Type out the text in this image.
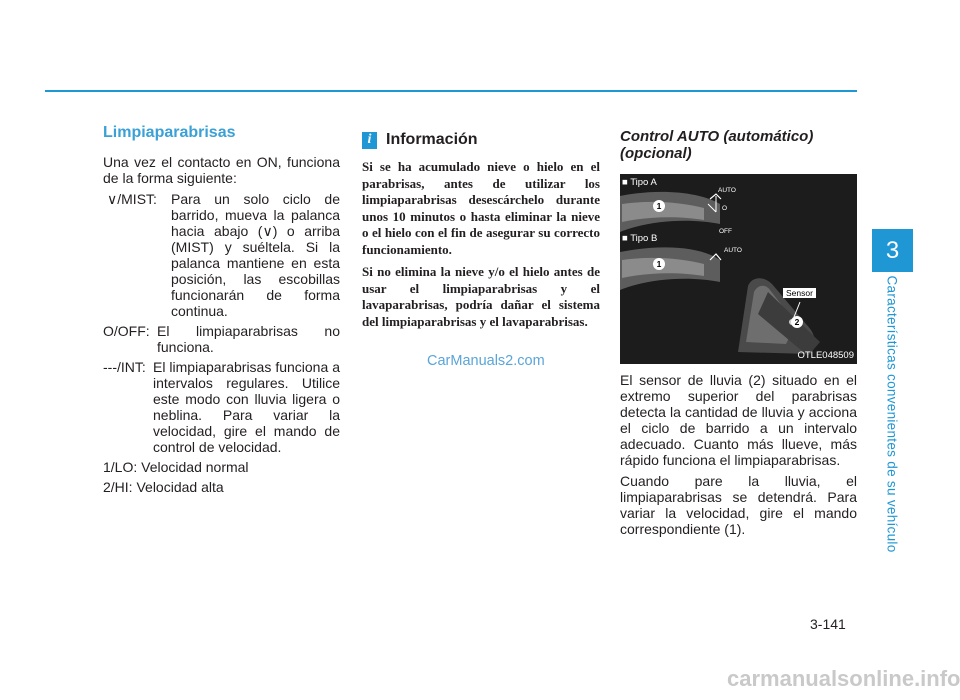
3
Características convenientes de su vehículo
Limpiaparabrisas

Una vez el contacto en ON, funciona de la forma siguiente:

∨/MIST: Para un solo ciclo de barrido, mueva la palanca hacia abajo (∨) o arriba (MIST) y suéltela. Si la palanca mantiene en esta posición, las escobillas funcionarán de forma continua.
O/OFF: El limpiaparabrisas no funciona.
---/INT: El limpiaparabrisas funciona a intervalos regulares. Utilice este modo con lluvia ligera o neblina. Para variar la velocidad, gire el mando de control de velocidad.
1/LO: Velocidad normal
2/HI: Velocidad alta
i Información

Si se ha acumulado nieve o hielo en el parabrisas, antes de utilizar los limpiaparabrisas desescárchelo durante unos 10 minutos o hasta eliminar la nieve o el hielo con el fin de asegurar su correcto funcionamiento.

Si no elimina la nieve y/o el hielo antes de usar el limpiaparabrisas y el lavaparabrisas, podría dañar el sistema del limpiaparabrisas y el lavaparabrisas.

Control AUTO (automático) (opcional)
■ Tipo A
■ Tipo B
AUTO
O
OFF
AUTO
1
1
Sensor
2
OTLE048509

El sensor de lluvia (2) situado en el extremo superior del parabrisas detecta la cantidad de lluvia y acciona el ciclo de barrido a un intervalo adecuado. Cuanto más llueve, más rápido funciona el limpiaparabrisas.

Cuando pare la lluvia, el limpiaparabrisas se detendrá. Para variar la velocidad, gire el mando correspondiente (1).

CarManuals2.com
3-141
carmanualsonline.info
